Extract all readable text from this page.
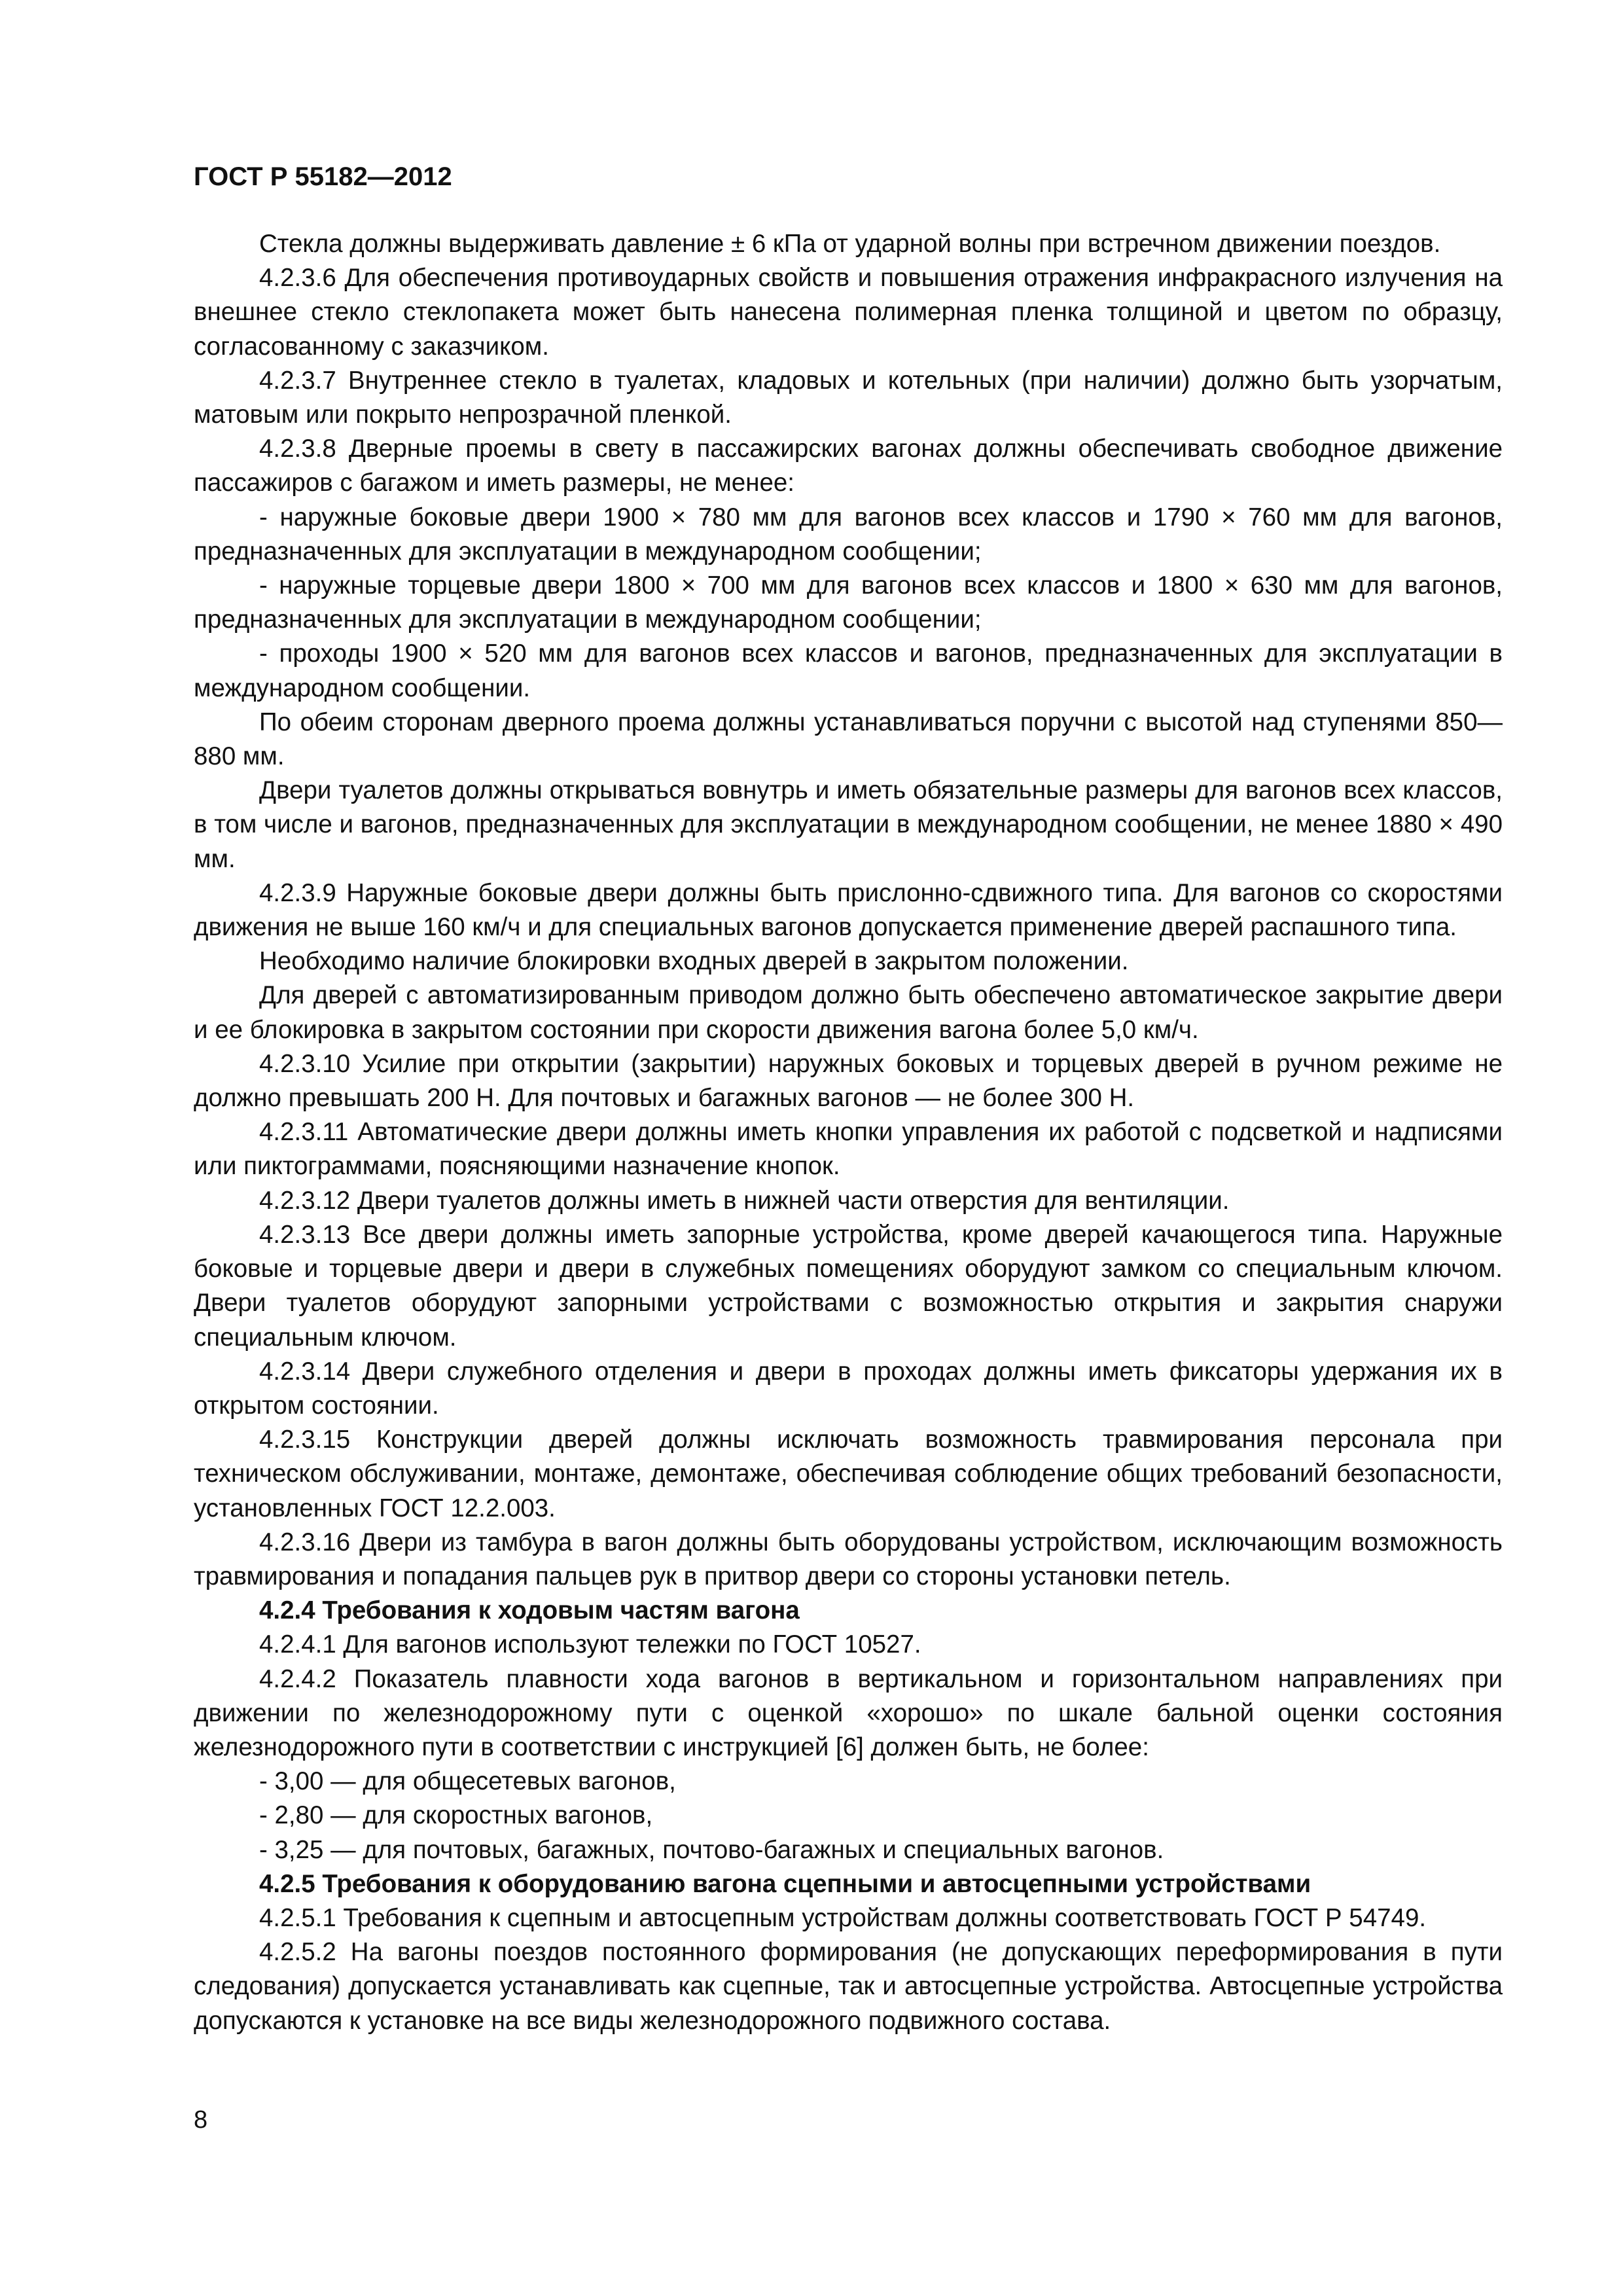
ГОСТ Р 55182—2012

Стекла должны выдерживать давление ± 6 кПа от ударной волны при встречном движении поездов.

4.2.3.6 Для обеспечения противоударных свойств и повышения отражения инфракрасного излучения на внешнее стекло стеклопакета может быть нанесена полимерная пленка толщиной и цветом по образцу, согласованному с заказчиком.

4.2.3.7 Внутреннее стекло в туалетах, кладовых и котельных (при наличии) должно быть узорчатым, матовым или покрыто непрозрачной пленкой.

4.2.3.8 Дверные проемы в свету в пассажирских вагонах должны обеспечивать свободное движение пассажиров с багажом и иметь размеры, не менее:

- наружные боковые двери 1900 × 780 мм для вагонов всех классов и 1790 × 760 мм для вагонов, предназначенных для эксплуатации в международном сообщении;

- наружные торцевые двери 1800 × 700 мм для вагонов всех классов и 1800 × 630 мм для вагонов, предназначенных для эксплуатации в международном сообщении;

- проходы 1900 × 520 мм для вагонов всех классов и вагонов, предназначенных для эксплуатации в международном сообщении.

По обеим сторонам дверного проема должны устанавливаться поручни с высотой над ступенями 850—880 мм.

Двери туалетов должны открываться вовнутрь и иметь обязательные размеры для вагонов всех классов, в том числе и вагонов, предназначенных для эксплуатации в международном сообщении, не менее 1880 × 490 мм.

4.2.3.9 Наружные боковые двери должны быть прислонно-сдвижного типа. Для вагонов со скоростями движения не выше 160 км/ч и для специальных вагонов допускается применение дверей распашного типа.

Необходимо наличие блокировки входных дверей в закрытом положении.

Для дверей с автоматизированным приводом должно быть обеспечено автоматическое закрытие двери и ее блокировка в закрытом состоянии при скорости движения вагона более 5,0 км/ч.

4.2.3.10 Усилие при открытии (закрытии) наружных боковых и торцевых дверей в ручном режиме не должно превышать 200 Н. Для почтовых и багажных вагонов — не более 300 Н.

4.2.3.11 Автоматические двери должны иметь кнопки управления их работой с подсветкой и надписями или пиктограммами, поясняющими назначение кнопок.

4.2.3.12 Двери туалетов должны иметь в нижней части отверстия для вентиляции.

4.2.3.13 Все двери должны иметь запорные устройства, кроме дверей качающегося типа. Наружные боковые и торцевые двери и двери в служебных помещениях оборудуют замком со специальным ключом. Двери туалетов оборудуют запорными устройствами с возможностью открытия и закрытия снаружи специальным ключом.

4.2.3.14 Двери служебного отделения и двери в проходах должны иметь фиксаторы удержания их в открытом состоянии.

4.2.3.15 Конструкции дверей должны исключать возможность травмирования персонала при техническом обслуживании, монтаже, демонтаже, обеспечивая соблюдение общих требований безопасности, установленных ГОСТ 12.2.003.

4.2.3.16 Двери из тамбура в вагон должны быть оборудованы устройством, исключающим возможность травмирования и попадания пальцев рук в притвор двери со стороны установки петель.

4.2.4 Требования к ходовым частям вагона

4.2.4.1 Для вагонов используют тележки по ГОСТ 10527.

4.2.4.2 Показатель плавности хода вагонов в вертикальном и горизонтальном направлениях при движении по железнодорожному пути с оценкой «хорошо» по шкале бальной оценки состояния железнодорожного пути в соответствии с инструкцией [6] должен быть, не более:

- 3,00 — для общесетевых вагонов,

- 2,80 — для скоростных вагонов,

- 3,25 — для почтовых, багажных, почтово-багажных и специальных вагонов.

4.2.5 Требования к оборудованию вагона сцепными и автосцепными устройствами

4.2.5.1 Требования к сцепным и автосцепным устройствам должны соответствовать ГОСТ Р 54749.

4.2.5.2 На вагоны поездов постоянного формирования (не допускающих переформирования в пути следования) допускается устанавливать как сцепные, так и автосцепные устройства. Автосцепные устройства допускаются к установке на все виды железнодорожного подвижного состава.

8
